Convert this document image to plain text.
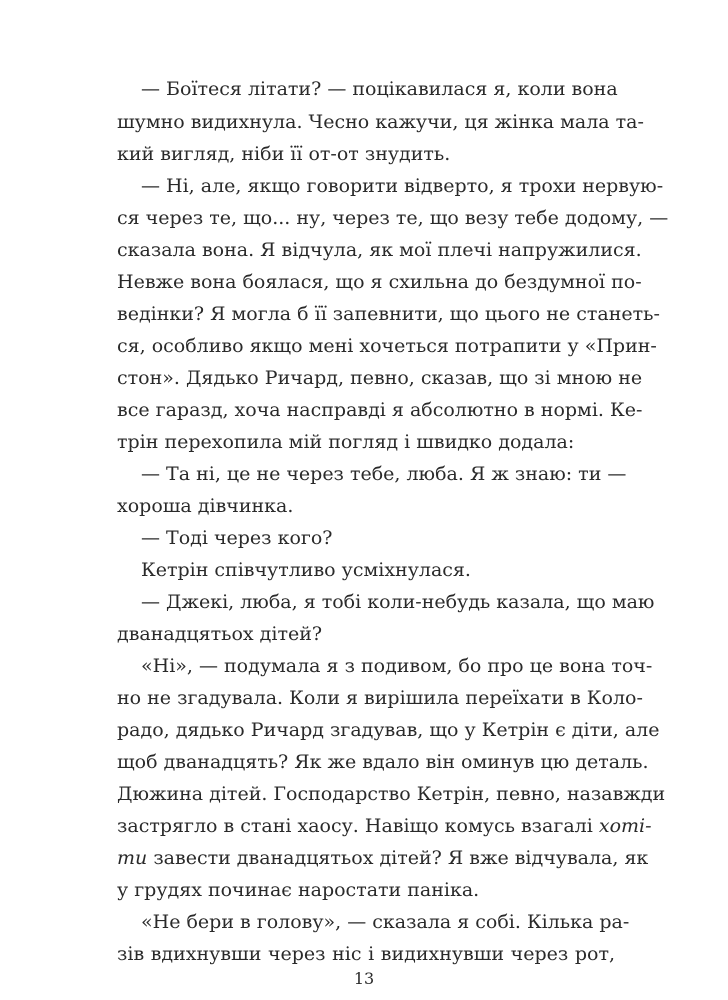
— Боїтеся літати? — поцікавилася я, коли вона
шумно видихнула. Чесно кажучи, ця жінка мала та-
кий вигляд, ніби її от-от знудить.
— Ні, але, якщо говорити відверто, я трохи нервую-
ся через те, що... ну, через те, що везу тебе додому, —
сказала вона. Я відчула, як мої плечі напружилися.
Невже вона боялася, що я схильна до бездумної по-
ведінки? Я могла б її запевнити, що цього не станеть-
ся, особливо якщо мені хочеться потрапити у «Прин-
стон». Дядько Ричард, певно, сказав, що зі мною не
все гаразд, хоча насправді я абсолютно в нормі. Ке-
трін перехопила мій погляд і швидко додала:
— Та ні, це не через тебе, люба. Я ж знаю: ти —
хороша дівчинка.
— Тоді через кого?
Кетрін співчутливо усміхнулася.
— Джекі, люба, я тобі коли-небудь казала, що маю
дванадцятьох дітей?
«Ні», — подумала я з подивом, бо про це вона точ-
но не згадувала. Коли я вирішила переїхати в Коло-
радо, дядько Ричард згадував, що у Кетрін є діти, але
щоб дванадцять? Як же вдало він оминув цю деталь.
Дюжина дітей. Господарство Кетрін, певно, назавжди
застрягло в стані хаосу. Навіщо комусь взагалі хоті-
ти завести дванадцятьох дітей? Я вже відчувала, як
у грудях починає наростати паніка.
«Не бери в голову», — сказала я собі. Кілька ра-
зів вдихнувши через ніс і видихнувши через рот,
13
